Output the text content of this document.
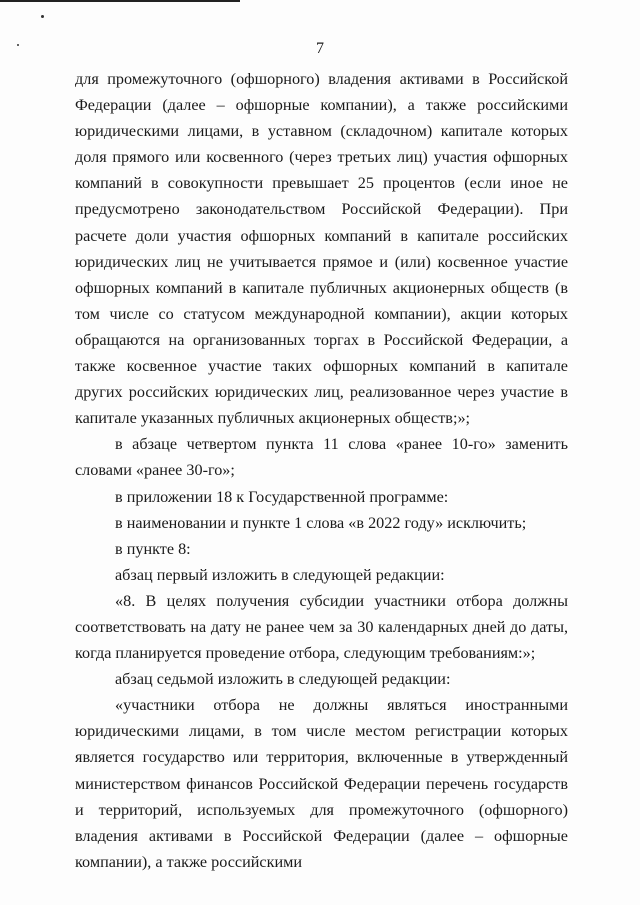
7

для промежуточного (офшорного) владения активами в Российской Федерации (далее – офшорные компании), а также российскими юридическими лицами, в уставном (складочном) капитале которых доля прямого или косвенного (через третьих лиц) участия офшорных компаний в совокупности превышает 25 процентов (если иное не предусмотрено законодательством Российской Федерации). При расчете доли участия офшорных компаний в капитале российских юридических лиц не учитывается прямое и (или) косвенное участие офшорных компаний в капитале публичных акционерных обществ (в том числе со статусом международной компании), акции которых обращаются на организованных торгах в Российской Федерации, а также косвенное участие таких офшорных компаний в капитале других российских юридических лиц, реализованное через участие в капитале указанных публичных акционерных обществ;»;

в абзаце четвертом пункта 11 слова «ранее 10-го» заменить словами «ранее 30-го»;

в приложении 18 к Государственной программе:

в наименовании и пункте 1 слова «в 2022 году» исключить;

в пункте 8:

абзац первый изложить в следующей редакции:

«8. В целях получения субсидии участники отбора должны соответствовать на дату не ранее чем за 30 календарных дней до даты, когда планируется проведение отбора, следующим требованиям:»;

абзац седьмой изложить в следующей редакции:

«участники отбора не должны являться иностранными юридическими лицами, в том числе местом регистрации которых является государство или территория, включенные в утвержденный министерством финансов Российской Федерации перечень государств и территорий, используемых для промежуточного (офшорного) владения активами в Российской Федерации (далее – офшорные компании), а также российскими
